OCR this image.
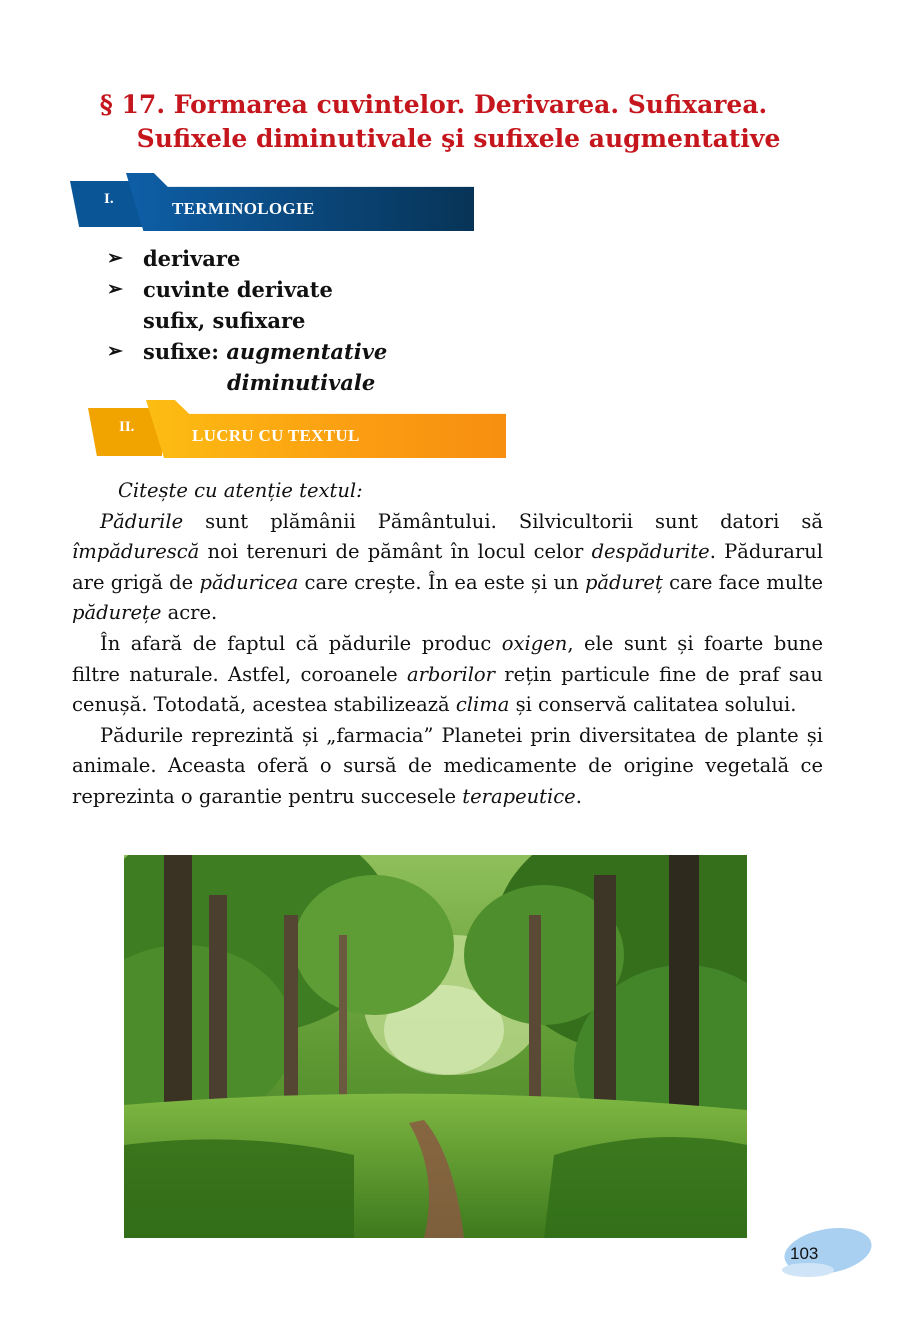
§ 17. Formarea cuvintelor. Derivarea. Sufixarea.
Sufixele diminutivale şi sufixele augmentative
I.	TERMINOLOGIE
➢ derivare
➢ cuvinte derivate
sufix, sufixare
➢ sufixe: augmentative
diminutivale
II.	LUCRU CU TEXTUL

Citește cu atenție textul:

Pădurile sunt plămânii Pământului. Silvicultorii sunt datori să împădurescă noi terenuri de pământ în locul celor despădurite. Pădurarul are grigă de păduricea care crește. În ea este și un pădureț care face multe pădurețe acre.

În afară de faptul că pădurile produc oxigen, ele sunt și foarte bune filtre naturale. Astfel, coroanele arborilor rețin particule fine de praf sau cenușă. Totodată, acestea stabilizează clima și conservă calitatea solului.

Pădurile reprezintă și „farmacia” Planetei prin diversitatea de plante și animale. Aceasta oferă o sursă de medicamente de origine vegetală ce reprezinta o garantie pentru succesele terapeutice.

103
